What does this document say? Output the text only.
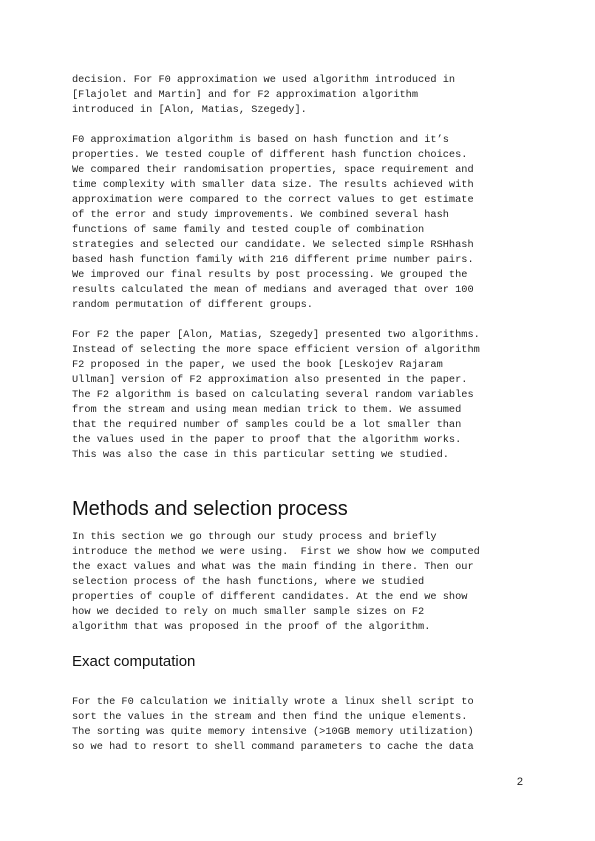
decision. For F0 approximation we used algorithm introduced in
[Flajolet and Martin] and for F2 approximation algorithm
introduced in [Alon, Matias, Szegedy].
F0 approximation algorithm is based on hash function and it’s
properties. We tested couple of different hash function choices.
We compared their randomisation properties, space requirement and
time complexity with smaller data size. The results achieved with
approximation were compared to the correct values to get estimate
of the error and study improvements. We combined several hash
functions of same family and tested couple of combination
strategies and selected our candidate. We selected simple RSHhash
based hash function family with 216 different prime number pairs.
We improved our final results by post processing. We grouped the
results calculated the mean of medians and averaged that over 100
random permutation of different groups.
For F2 the paper [Alon, Matias, Szegedy] presented two algorithms.
Instead of selecting the more space efficient version of algorithm
F2 proposed in the paper, we used the book [Leskojev Rajaram
Ullman] version of F2 approximation also presented in the paper.
The F2 algorithm is based on calculating several random variables
from the stream and using mean median trick to them. We assumed
that the required number of samples could be a lot smaller than
the values used in the paper to proof that the algorithm works.
This was also the case in this particular setting we studied.
Methods and selection process
In this section we go through our study process and briefly
introduce the method we were using.  First we show how we computed
the exact values and what was the main finding in there. Then our
selection process of the hash functions, where we studied
properties of couple of different candidates. At the end we show
how we decided to rely on much smaller sample sizes on F2
algorithm that was proposed in the proof of the algorithm.
Exact computation
For the F0 calculation we initially wrote a linux shell script to
sort the values in the stream and then find the unique elements.
The sorting was quite memory intensive (>10GB memory utilization)
so we had to resort to shell command parameters to cache the data
2
